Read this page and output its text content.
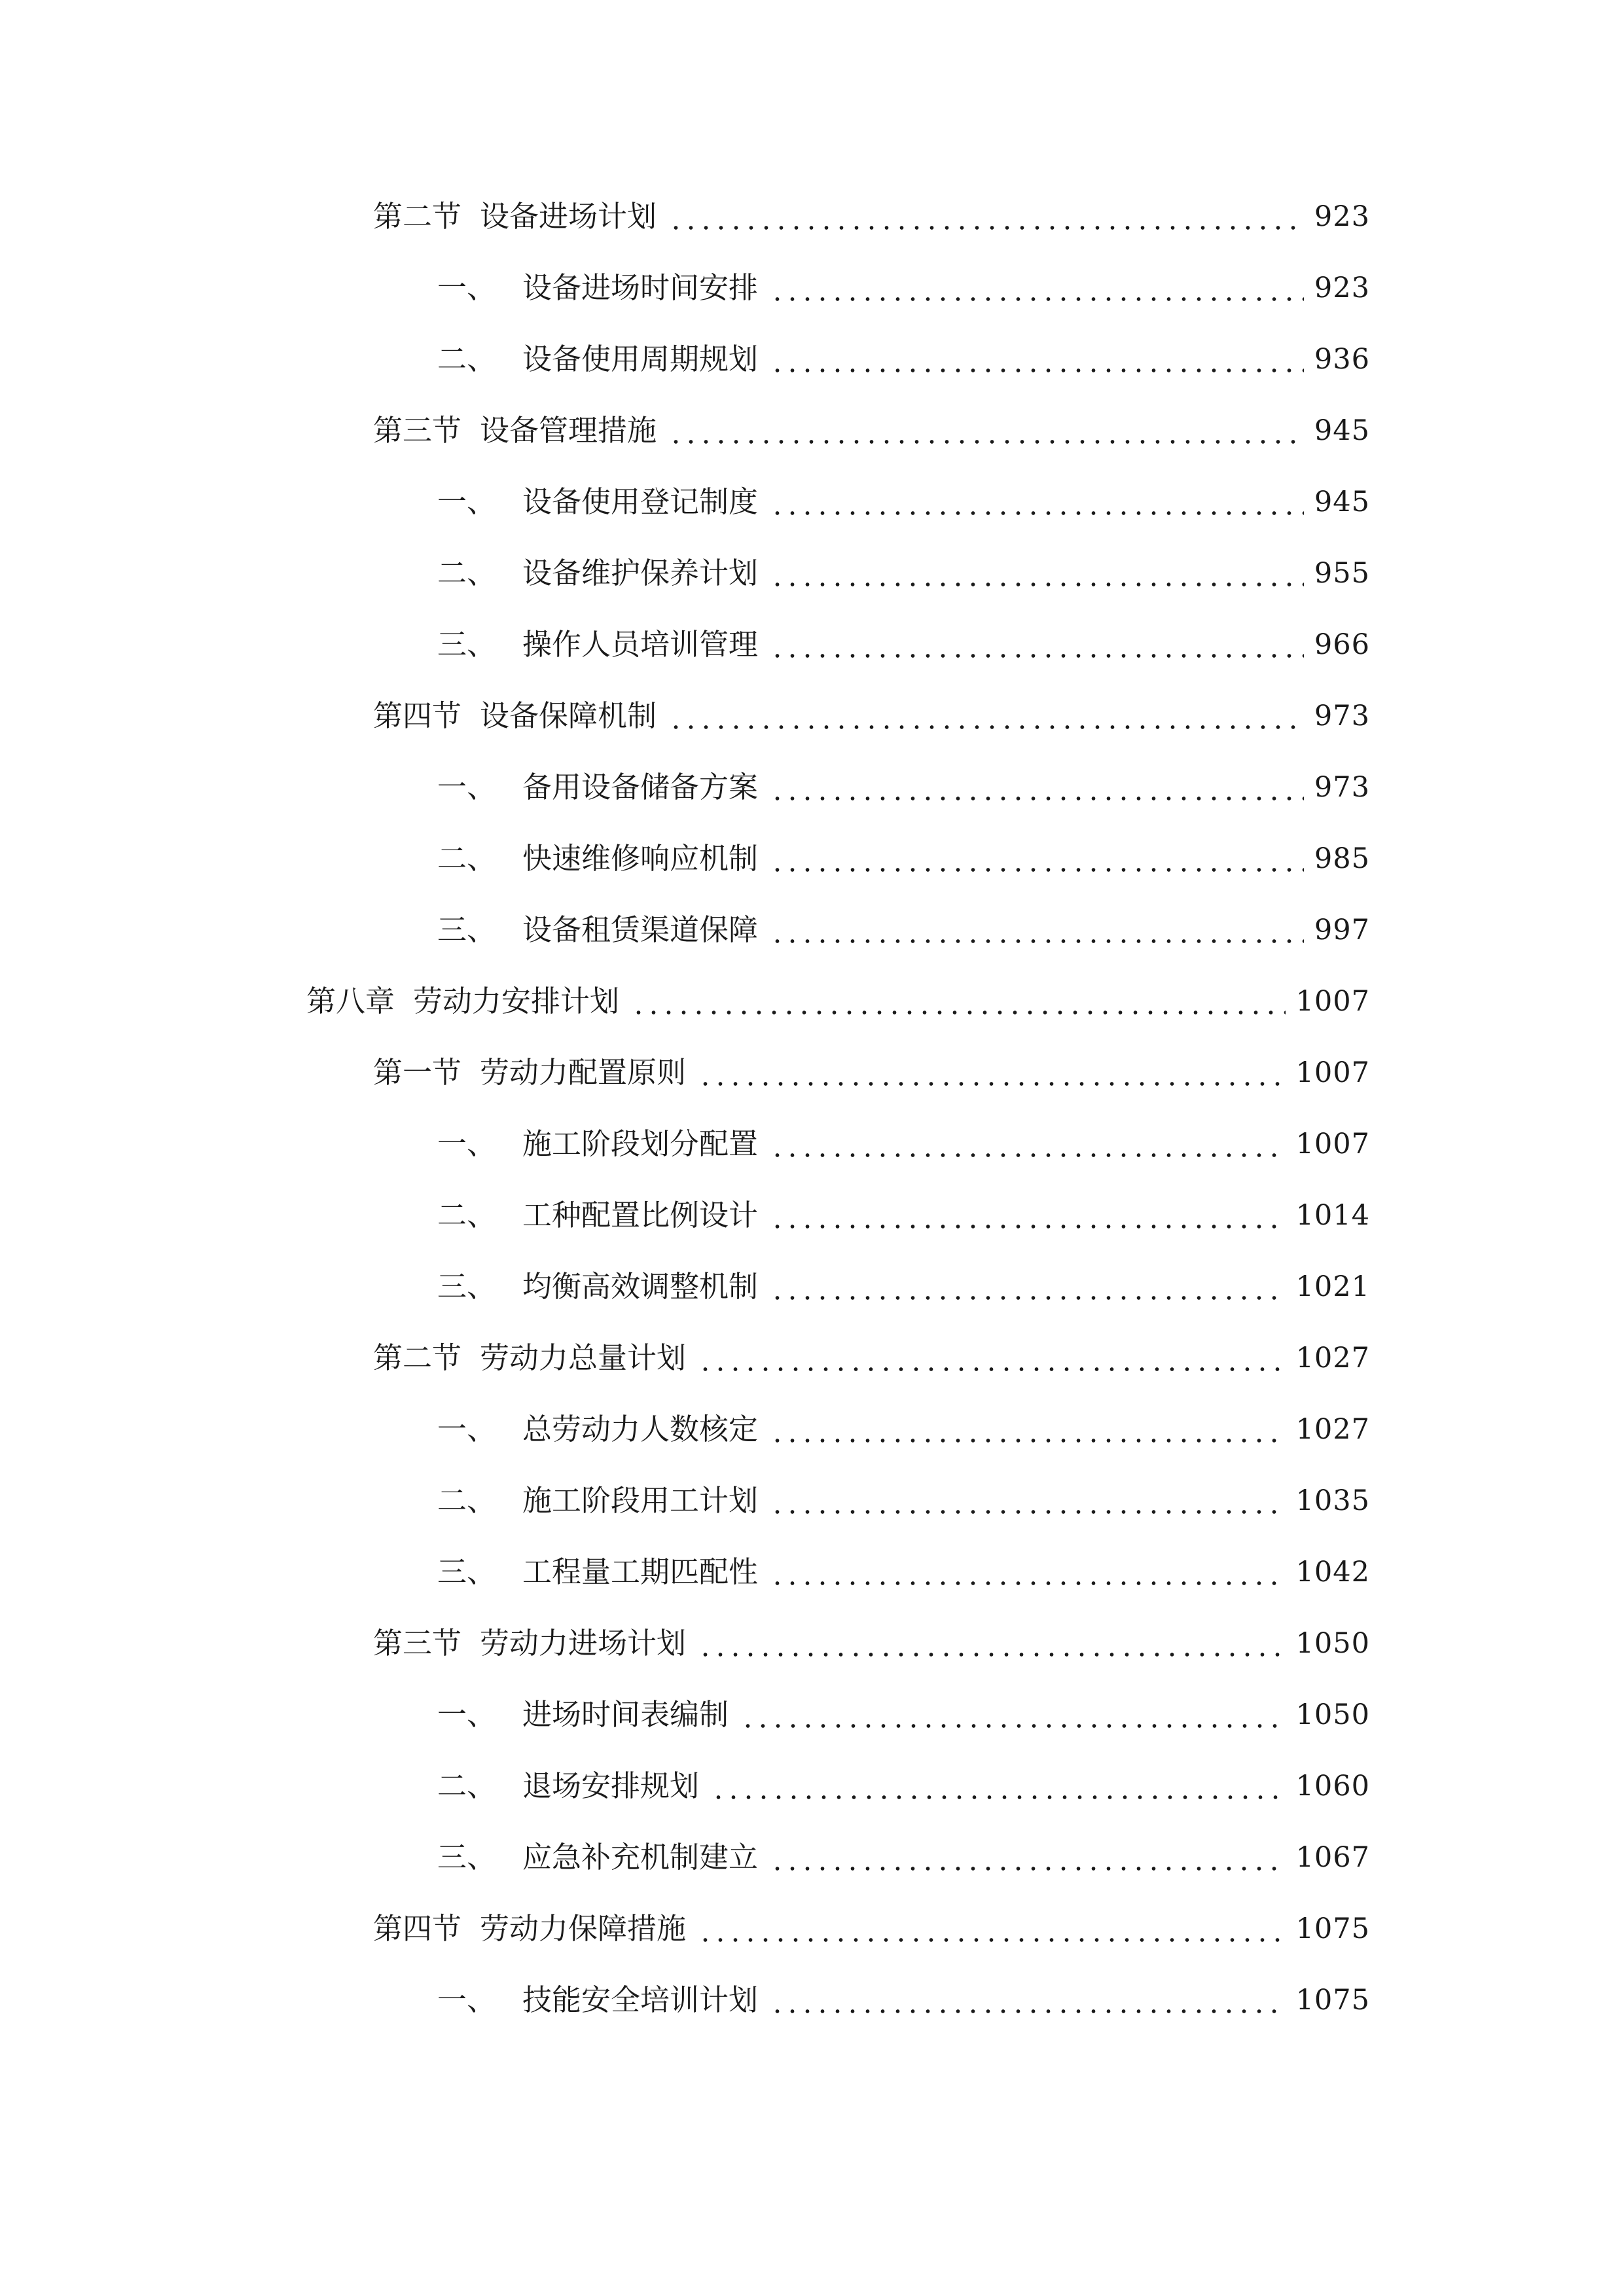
第二节 设备进场计划	923
一、 设备进场时间安排	923
二、 设备使用周期规划	936
第三节 设备管理措施	945
一、 设备使用登记制度	945
二、 设备维护保养计划	955
三、 操作人员培训管理	966
第四节 设备保障机制	973
一、 备用设备储备方案	973
二、 快速维修响应机制	985
三、 设备租赁渠道保障	997
第八章 劳动力安排计划	1007
第一节 劳动力配置原则	1007
一、 施工阶段划分配置	1007
二、 工种配置比例设计	1014
三、 均衡高效调整机制	1021
第二节 劳动力总量计划	1027
一、 总劳动力人数核定	1027
二、 施工阶段用工计划	1035
三、 工程量工期匹配性	1042
第三节 劳动力进场计划	1050
一、 进场时间表编制	1050
二、 退场安排规划	1060
三、 应急补充机制建立	1067
第四节 劳动力保障措施	1075
一、 技能安全培训计划	1075
